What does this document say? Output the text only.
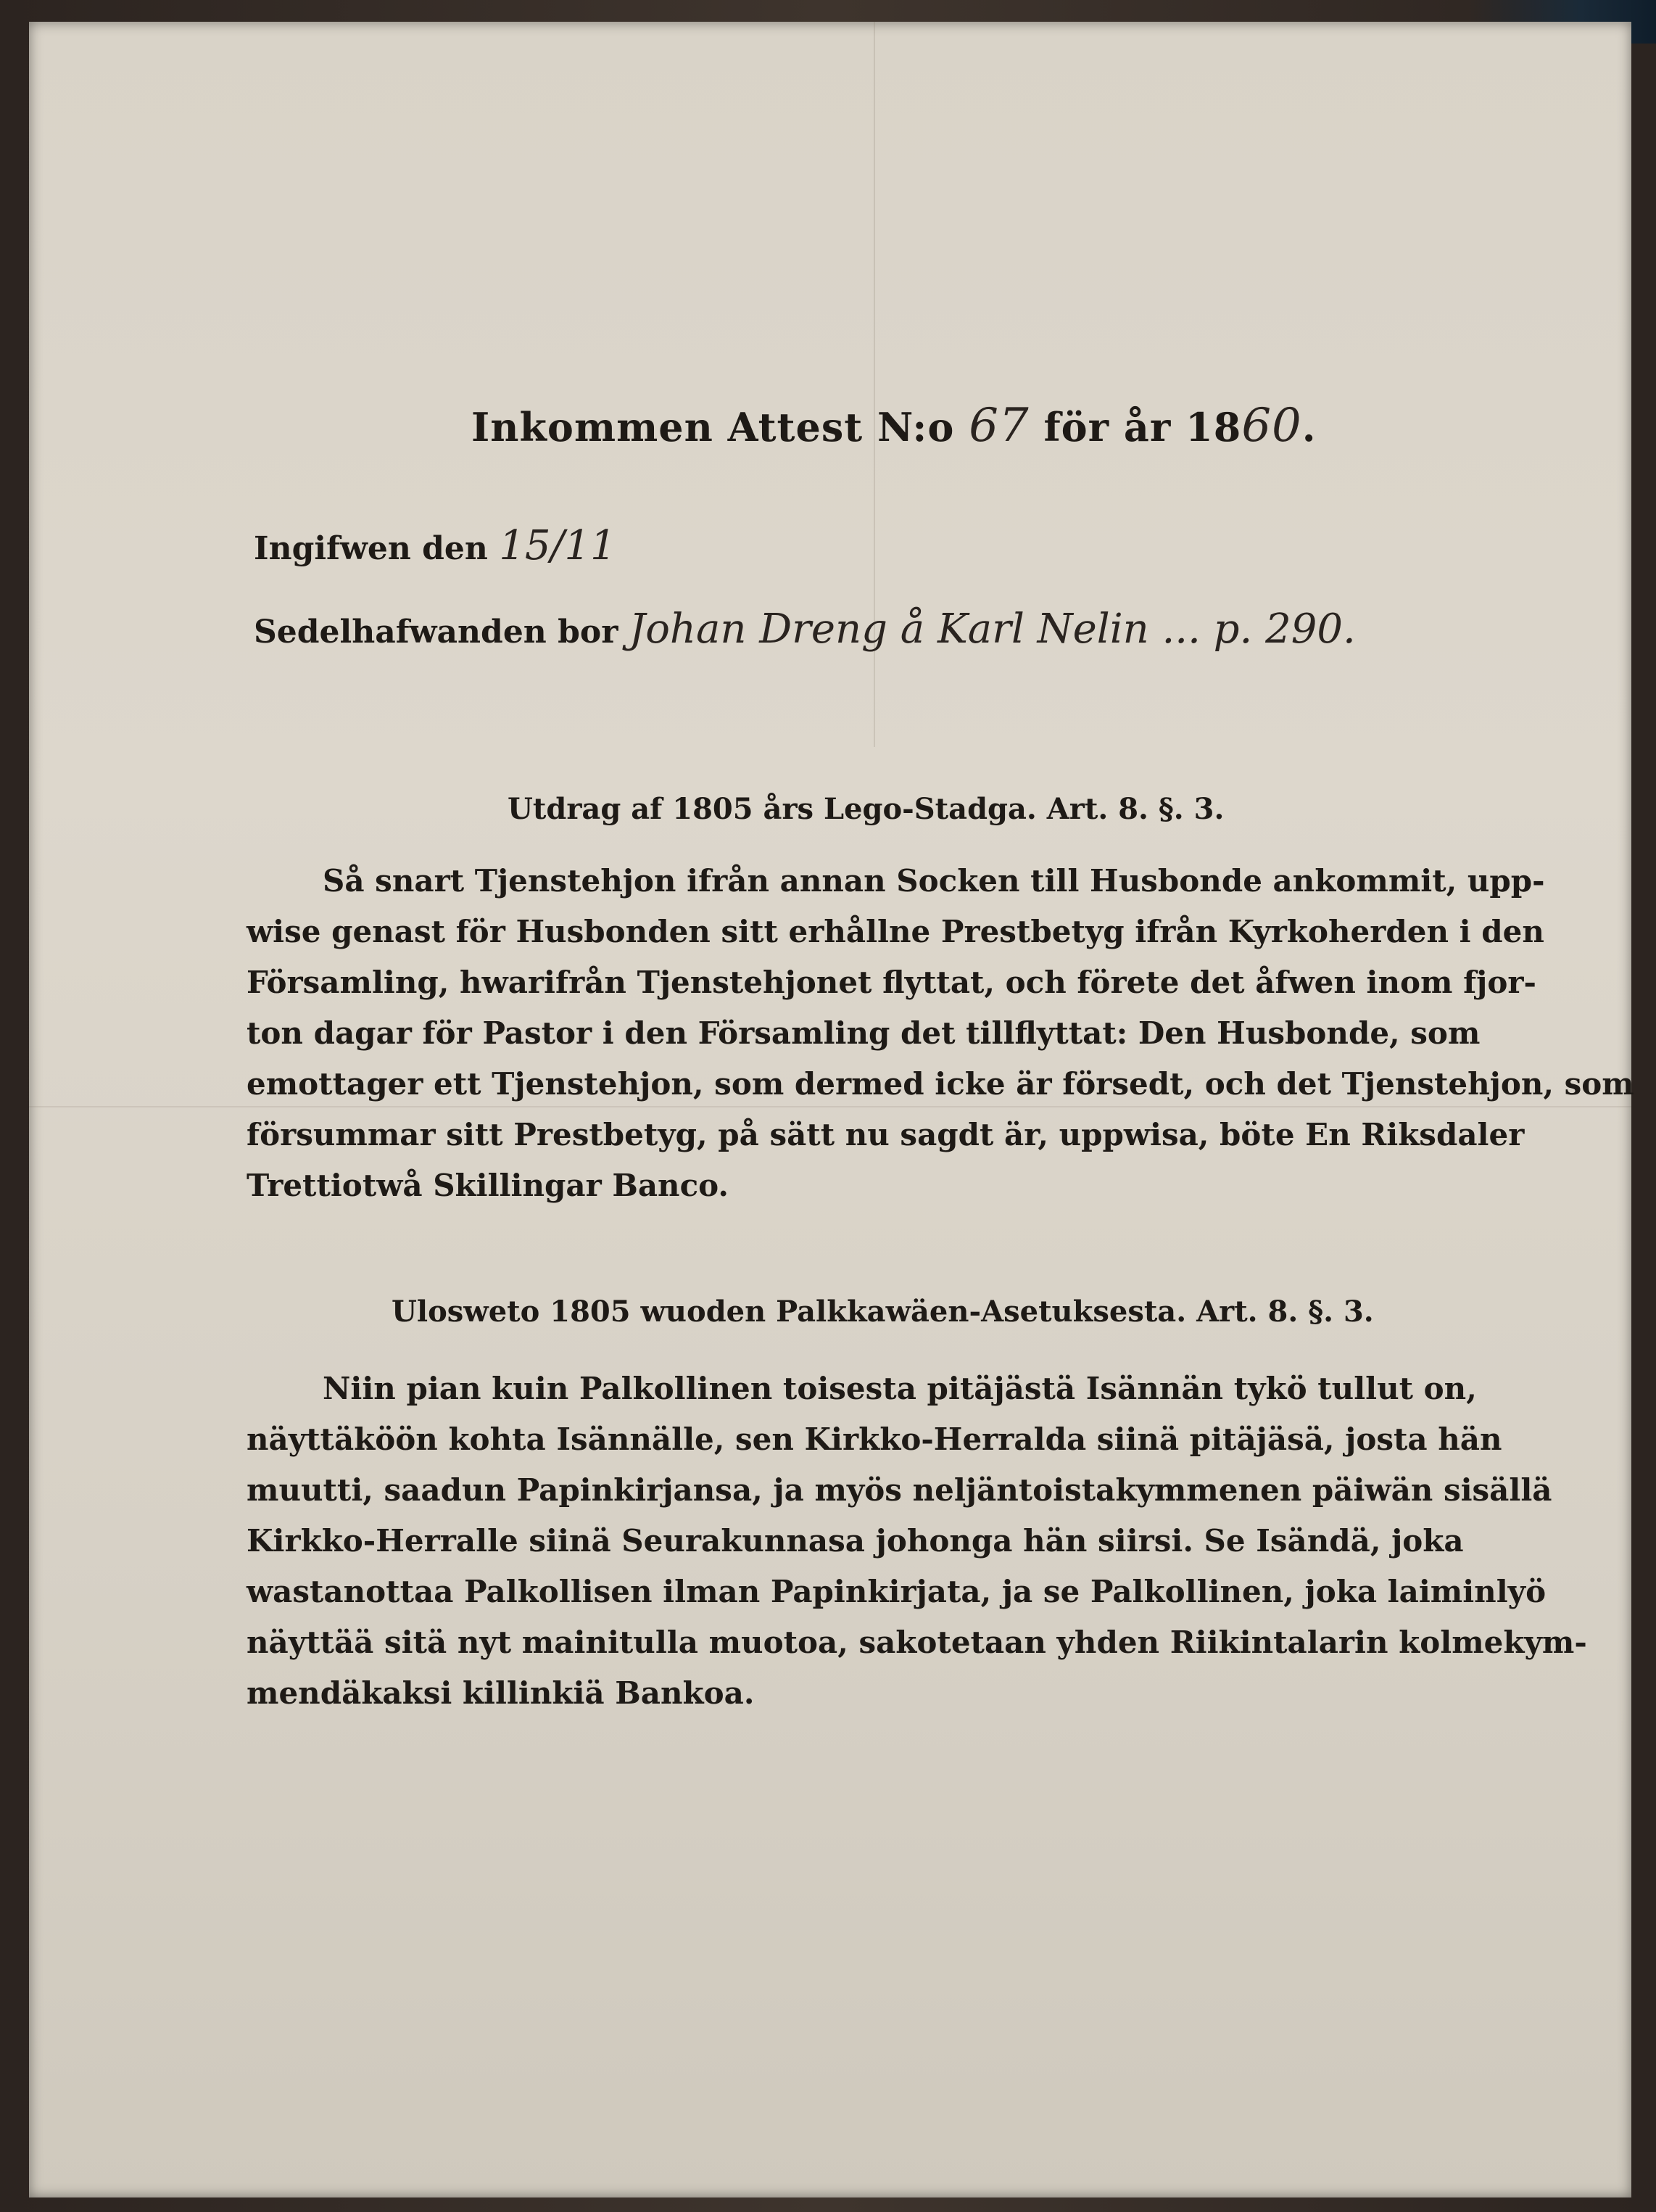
Inkommen Attest N:o 67 för år 1860.
Ingifwen den 15/11
Sedelhafwanden bor Johan Dreng å Karl Nelin ... p. 290.
Utdrag af 1805 års Lego-Stadga. Art. 8. §. 3.
Så snart Tjenstehjon ifrån annan Socken till Husbonde ankommit, upp-
wise genast för Husbonden sitt erhållne Prestbetyg ifrån Kyrkoherden i den
Församling, hwarifrån Tjenstehjonet flyttat, och förete det åfwen inom fjor-
ton dagar för Pastor i den Församling det tillflyttat: Den Husbonde, som
emottager ett Tjenstehjon, som dermed icke är försedt, och det Tjenstehjon, som
försummar sitt Prestbetyg, på sätt nu sagdt är, uppwisa, böte En Riksdaler
Trettiotwå Skillingar Banco.
Ulosweto 1805 wuoden Palkkawäen-Asetuksesta. Art. 8. §. 3.
Niin pian kuin Palkollinen toisesta pitäjästä Isännän tykö tullut on,
näyttäköön kohta Isännälle, sen Kirkko-Herralda siinä pitäjäsä, josta hän
muutti, saadun Papinkirjansa, ja myös neljäntoistakymmenen päiwän sisällä
Kirkko-Herralle siinä Seurakunnasa johonga hän siirsi. Se Isändä, joka
wastanottaa Palkollisen ilman Papinkirjata, ja se Palkollinen, joka laiminlyö
näyttää sitä nyt mainitulla muotoa, sakotetaan yhden Riikintalarin kolmekym-
mendäkaksi killinkiä Bankoa.
